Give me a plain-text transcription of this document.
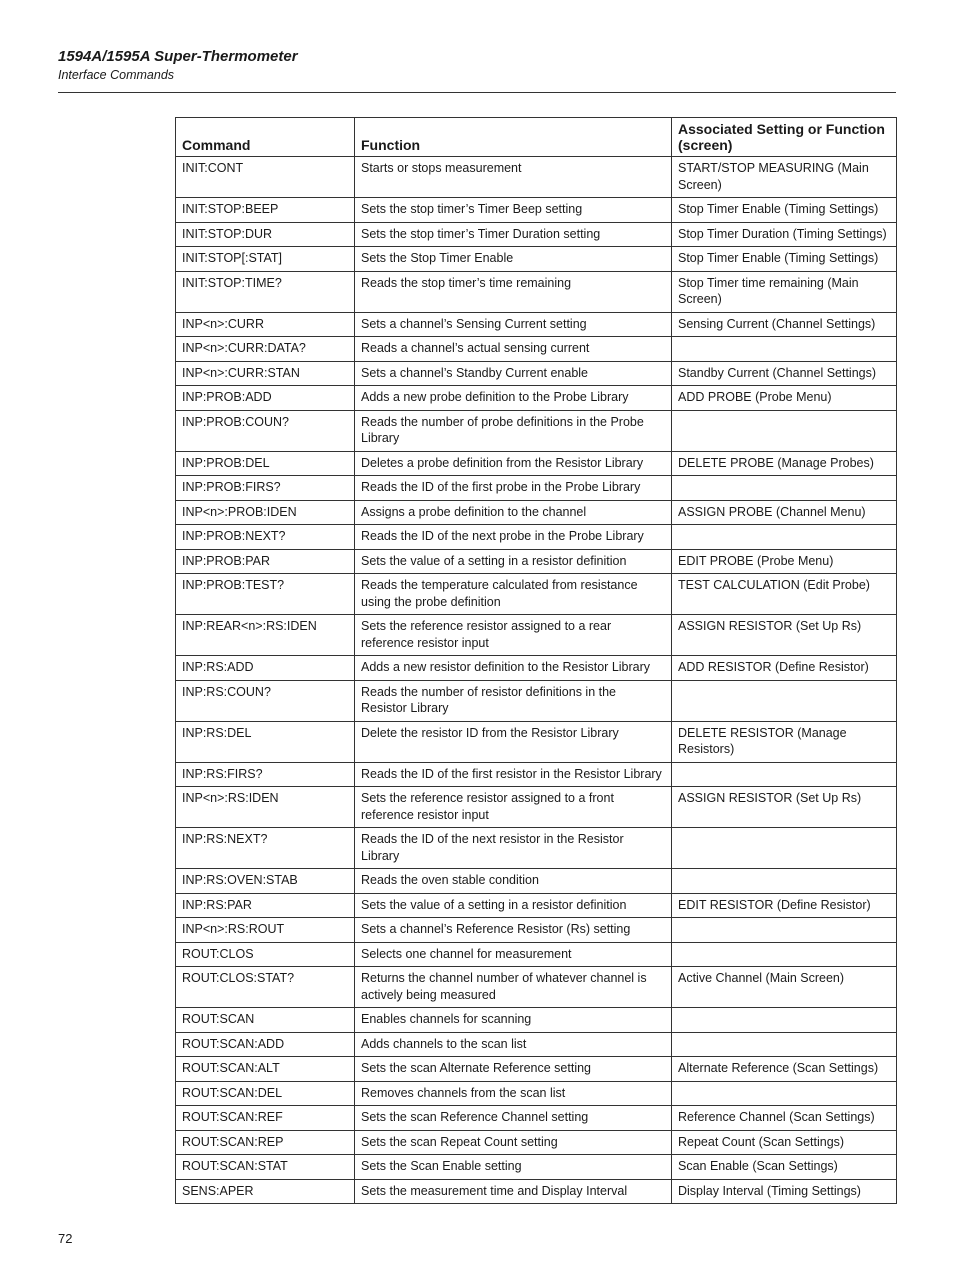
1594A/1595A Super-Thermometer

Interface Commands

Command	Function	Associated Setting or Function (screen)
INIT:CONT	Starts or stops measurement	START/STOP MEASURING (Main Screen)
INIT:STOP:BEEP	Sets the stop timer’s Timer Beep setting	Stop Timer Enable (Timing Settings)
INIT:STOP:DUR	Sets the stop timer’s Timer Duration setting	Stop Timer Duration (Timing Settings)
INIT:STOP[:STAT]	Sets the Stop Timer Enable	Stop Timer Enable (Timing Settings)
INIT:STOP:TIME?	Reads the stop timer’s time remaining	Stop Timer time remaining (Main Screen)
INP<n>:CURR	Sets a channel’s Sensing Current setting	Sensing Current (Channel Settings)
INP<n>:CURR:DATA?	Reads a channel’s actual sensing current	
INP<n>:CURR:STAN	Sets a channel’s Standby Current enable	Standby Current (Channel Settings)
INP:PROB:ADD	Adds a new probe definition to the Probe Library	ADD PROBE (Probe Menu)
INP:PROB:COUN?	Reads the number of probe definitions in the Probe Library	
INP:PROB:DEL	Deletes a probe definition from the Resistor Library	DELETE PROBE (Manage Probes)
INP:PROB:FIRS?	Reads the ID of the first probe in the Probe Library	
INP<n>:PROB:IDEN	Assigns a probe definition to the channel	ASSIGN PROBE (Channel Menu)
INP:PROB:NEXT?	Reads the ID of the next probe in the Probe Library	
INP:PROB:PAR	Sets the value of a setting in a resistor definition	EDIT PROBE (Probe Menu)
INP:PROB:TEST?	Reads the temperature calculated from resistance using the probe definition	TEST CALCULATION (Edit Probe)
INP:REAR<n>:RS:IDEN	Sets the reference resistor assigned to a rear reference resistor input	ASSIGN RESISTOR (Set Up Rs)
INP:RS:ADD	Adds a new resistor definition to the Resistor Library	ADD RESISTOR (Define Resistor)
INP:RS:COUN?	Reads the number of resistor definitions in the Resistor Library	
INP:RS:DEL	Delete the resistor ID from the Resistor Library	DELETE RESISTOR (Manage Resistors)
INP:RS:FIRS?	Reads the ID of the first resistor in the Resistor Library	
INP<n>:RS:IDEN	Sets the reference resistor assigned to a front reference resistor input	ASSIGN RESISTOR (Set Up Rs)
INP:RS:NEXT?	Reads the ID of the next resistor in the Resistor Library	
INP:RS:OVEN:STAB	Reads the oven stable condition	
INP:RS:PAR	Sets the value of a setting in a resistor definition	EDIT RESISTOR (Define Resistor)
INP<n>:RS:ROUT	Sets a channel’s Reference Resistor (Rs) setting	
ROUT:CLOS	Selects one channel for measurement	
ROUT:CLOS:STAT?	Returns the channel number of whatever channel is actively being measured	Active Channel (Main Screen)
ROUT:SCAN	Enables channels for scanning	
ROUT:SCAN:ADD	Adds channels to the scan list	
ROUT:SCAN:ALT	Sets the scan Alternate Reference setting	Alternate Reference (Scan Settings)
ROUT:SCAN:DEL	Removes channels from the scan list	
ROUT:SCAN:REF	Sets the scan Reference Channel setting	Reference Channel (Scan Settings)
ROUT:SCAN:REP	Sets the scan Repeat Count setting	Repeat Count (Scan Settings)
ROUT:SCAN:STAT	Sets the Scan Enable setting	Scan Enable (Scan Settings)
SENS:APER	Sets the measurement time and Display Interval	Display Interval (Timing Settings)
72
